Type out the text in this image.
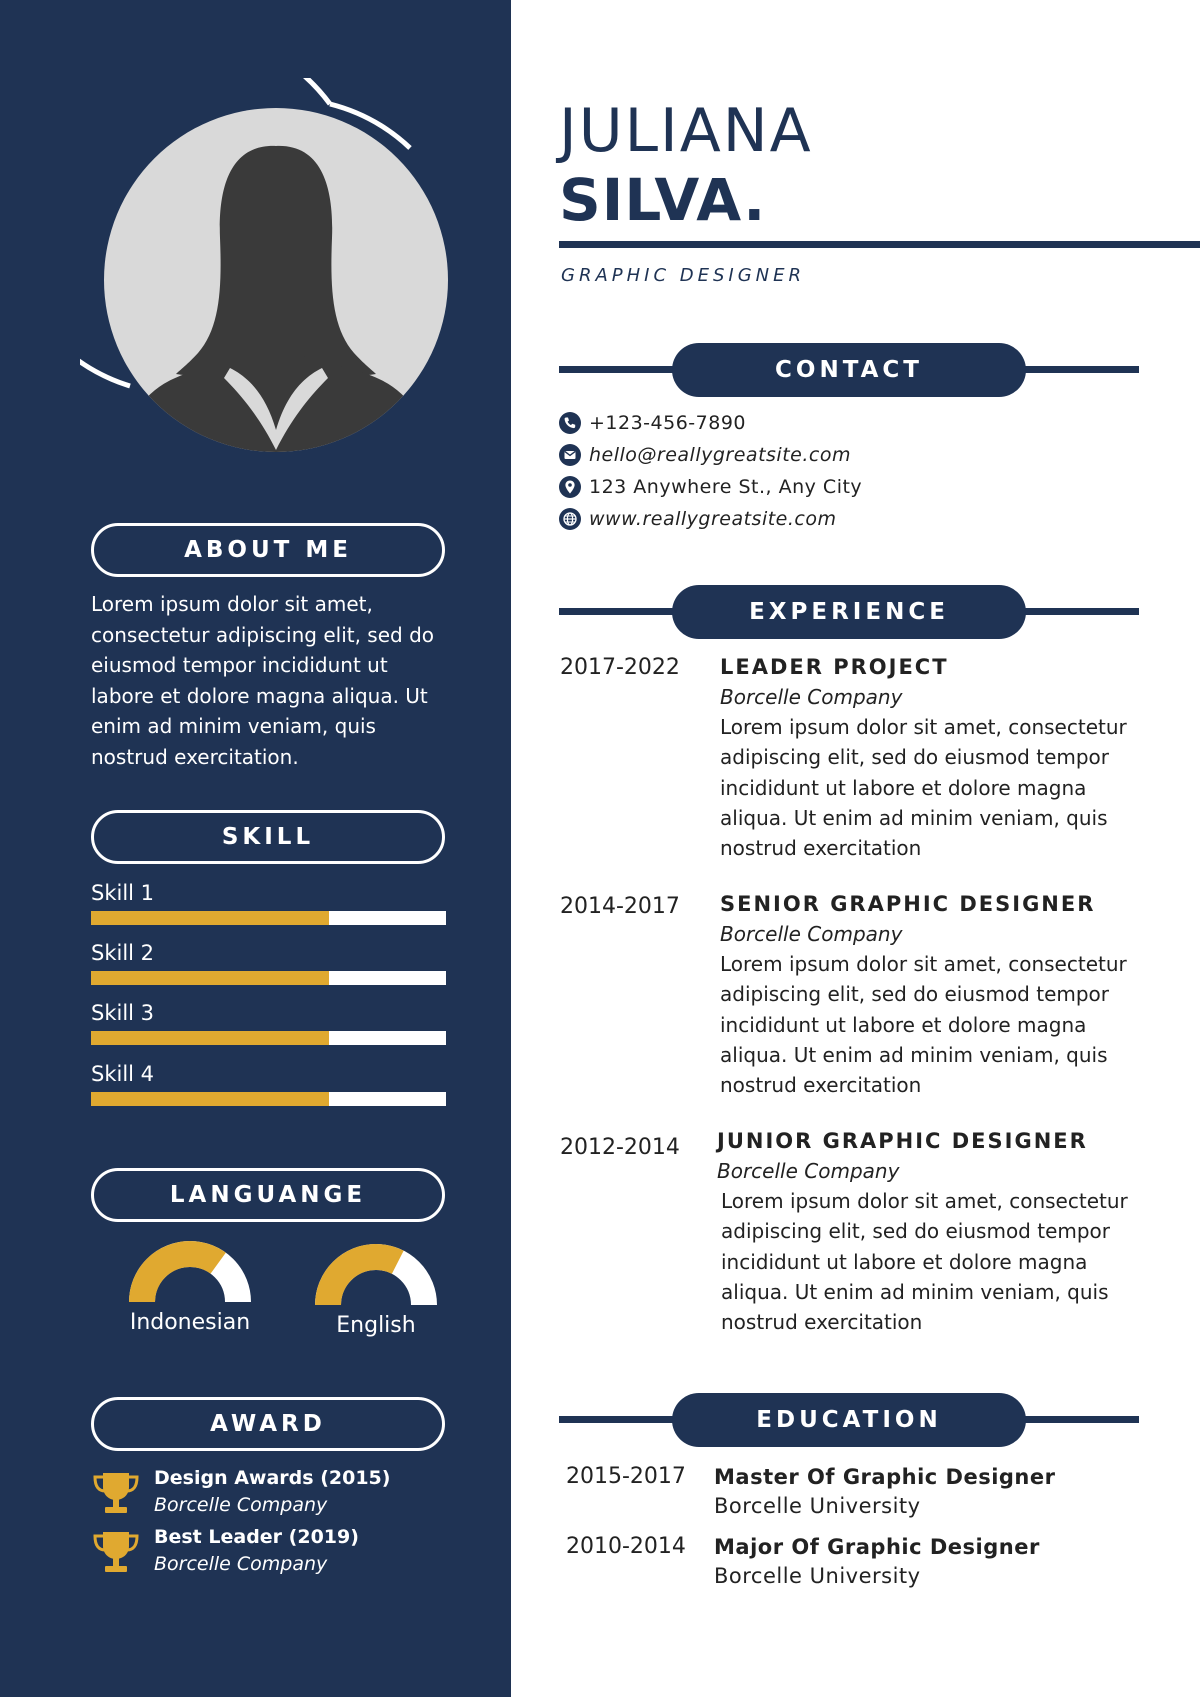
ABOUT ME
Lorem ipsum dolor sit amet, consectetur adipiscing elit, sed do eiusmod tempor incididunt ut labore et dolore magna aliqua. Ut enim ad minim veniam, quis nostrud exercitation.
SKILL
Skill 1
Skill 2
Skill 3
Skill 4
LANGUANGE
Indonesian	English
AWARD
Design Awards (2015)
Borcelle Company
Best Leader (2019)
Borcelle Company
JULIANA
SILVA.
GRAPHIC DESIGNER
CONTACT
+123-456-7890
hello@reallygreatsite.com
123 Anywhere St., Any City
www.reallygreatsite.com
EXPERIENCE
2017-2022 LEADER PROJECT
Borcelle Company
Lorem ipsum dolor sit amet, consectetur adipiscing elit, sed do eiusmod tempor incididunt ut labore et dolore magna aliqua. Ut enim ad minim veniam, quis nostrud exercitation
2014-2017 SENIOR GRAPHIC DESIGNER
Borcelle Company
Lorem ipsum dolor sit amet, consectetur adipiscing elit, sed do eiusmod tempor incididunt ut labore et dolore magna aliqua. Ut enim ad minim veniam, quis nostrud exercitation
2012-2014 JUNIOR GRAPHIC DESIGNER
Borcelle Company
Lorem ipsum dolor sit amet, consectetur adipiscing elit, sed do eiusmod tempor incididunt ut labore et dolore magna aliqua. Ut enim ad minim veniam, quis nostrud exercitation
EDUCATION
2015-2017 Master Of Graphic Designer
Borcelle University
2010-2014 Major Of Graphic Designer
Borcelle University
